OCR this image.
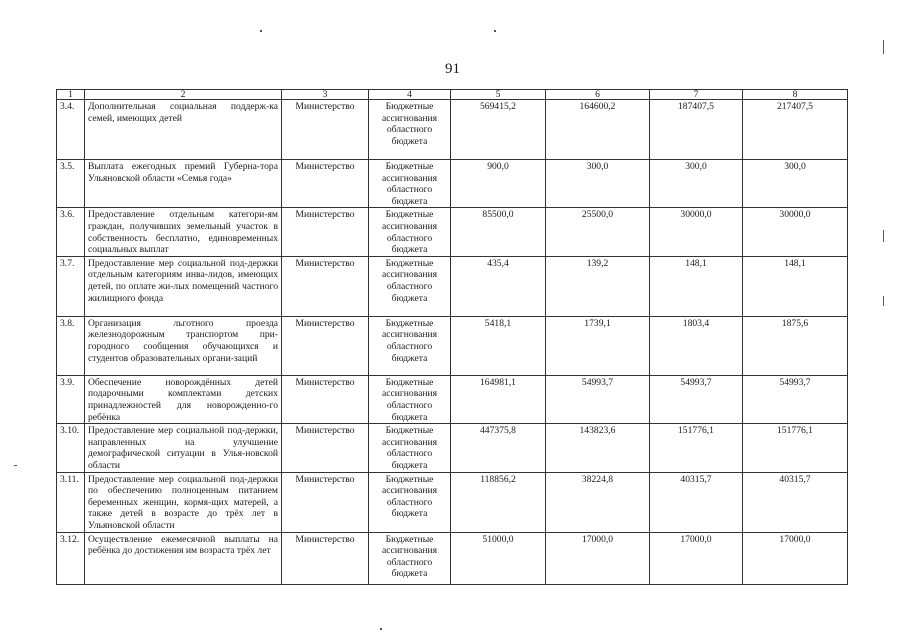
91
1	2	3	4	5	6	7	8
3.4.	Дополнительная социальная поддерж-ка семей, имеющих детей	Министерство	Бюджетные ассигнования областного бюджета	569415,2	164600,2	187407,5	217407,5
3.5.	Выплата ежегодных премий Губерна-тора Ульяновской области «Семья года»	Министерство	Бюджетные ассигнования областного бюджета	900,0	300,0	300,0	300,0
3.6.	Предоставление отдельным категори-ям граждан, получивших земельный участок в собственность бесплатно, единовременных социальных выплат	Министерство	Бюджетные ассигнования областного бюджета	85500,0	25500,0	30000,0	30000,0
3.7.	Предоставление мер социальной под-держки отдельным категориям инва-лидов, имеющих детей, по оплате жи-лых помещений частного жилищного фонда	Министерство	Бюджетные ассигнования областного бюджета	435,4	139,2	148,1	148,1
3.8.	Организация льготного проезда железнодорожным транспортом при-городного сообщения обучающихся и студентов образовательных органи-заций	Министерство	Бюджетные ассигнования областного бюджета	5418,1	1739,1	1803,4	1875,6
3.9.	Обеспечение новорождённых детей подарочными комплектами детских принадлежностей для новорожденно-го ребёнка	Министерство	Бюджетные ассигнования областного бюджета	164981,1	54993,7	54993,7	54993,7
3.10.	Предоставление мер социальной под-держки, направленных на улучшение демографической ситуации в Улья-новской области	Министерство	Бюджетные ассигнования областного бюджета	447375,8	143823,6	151776,1	151776,1
3.11.	Предоставление мер социальной под-держки по обеспечению полноценным питанием беременных женщин, кормя-щих матерей, а также детей в возрасте до трёх лет в Ульяновской области	Министерство	Бюджетные ассигнования областного бюджета	118856,2	38224,8	40315,7	40315,7
3.12.	Осуществление ежемесячной выплаты на ребёнка до достижения им возраста трёх лет	Министерство	Бюджетные ассигнования областного бюджета	51000,0	17000,0	17000,0	17000,0
